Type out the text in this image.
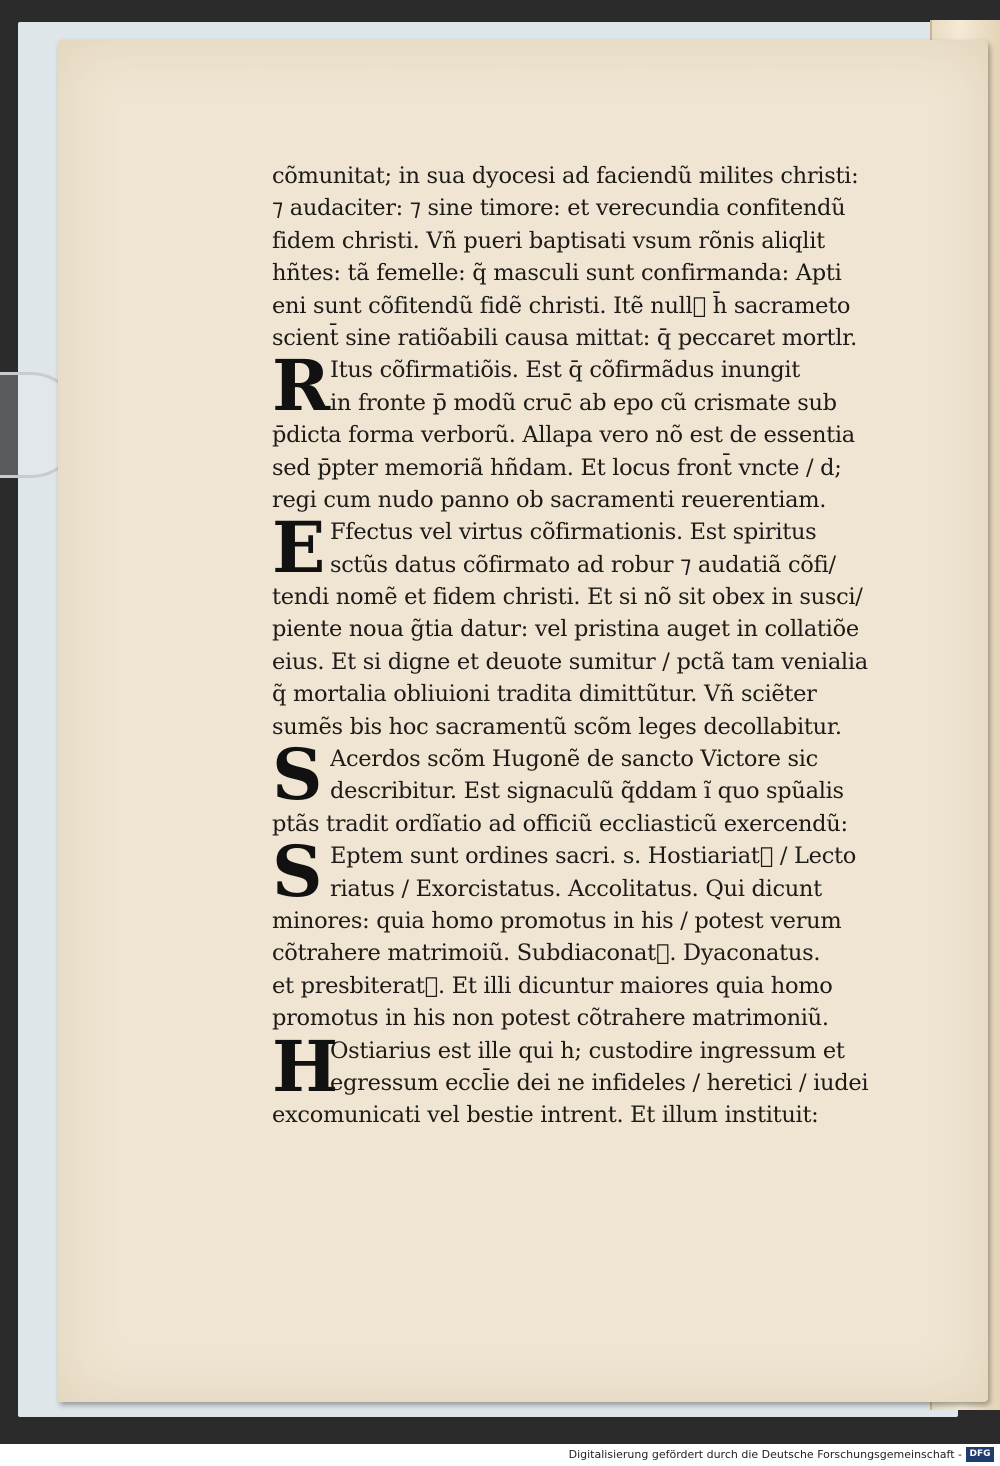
cõmunitat; in sua dyocesi ad faciendũ milites christi:
⁊ audaciter: ⁊ sine timore: et verecundia confitendũ
fidem christi. Vñ pueri baptisati vsum rõnis aliqlit
hñtes: tã femelle: q̃ masculi sunt confirmanda: Apti
eni sunt cõfitendũ fidẽ christi. Itẽ null᷒ h̄ sacrameto
scient̄ sine ratiõabili causa mittat: q̄ peccaret mortlr.
R Itus cõfirmatiõis. Est q̄ cõfirmãdus inungit
in fronte p̄ modũ cruc̄ ab epo cũ crismate sub
p̄dicta forma verborũ. Allapa vero nõ est de essentia
sed p̄pter memoriã hñdam. Et locus front̄ vncte / d;
regi cum nudo panno ob sacramenti reuerentiam.
E Ffectus vel virtus cõfirmationis. Est spiritus
sctũs datus cõfirmato ad robur ⁊ audatiã cõfi/
tendi nomẽ et fidem christi. Et si nõ sit obex in susci/
piente noua g̃tia datur: vel pristina auget in collatiõe
eius. Et si digne et deuote sumitur / pctã tam venialia
q̃ mortalia obliuioni tradita dimittũtur. Vñ sciẽter
sumẽs bis hoc sacramentũ scõm leges decollabitur.
S Acerdos scõm Hugonẽ de sancto Victore sic
describitur. Est signaculũ q̃ddam ĩ quo spũalis
ptãs tradit ordĩatio ad officiũ eccliasticũ exercendũ:
S Eptem sunt ordines sacri. s. Hostiariat᷒ / Lecto
riatus / Exorcistatus. Accolitatus. Qui dicunt
minores: quia homo promotus in his / potest verum
cõtrahere matrimoiũ. Subdiaconat᷒. Dyaconatus.
et presbiterat᷒. Et illi dicuntur maiores quia homo
promotus in his non potest cõtrahere matrimoniũ.
H
Ostiarius est ille qui h; custodire ingressum et
egressum eccl̄ie dei ne infideles / heretici / iudei
excomunicati vel bestie intrent. Et illum instituit:
Digitalisierung gefördert durch die Deutsche Forschungsgemeinschaft - DFG
